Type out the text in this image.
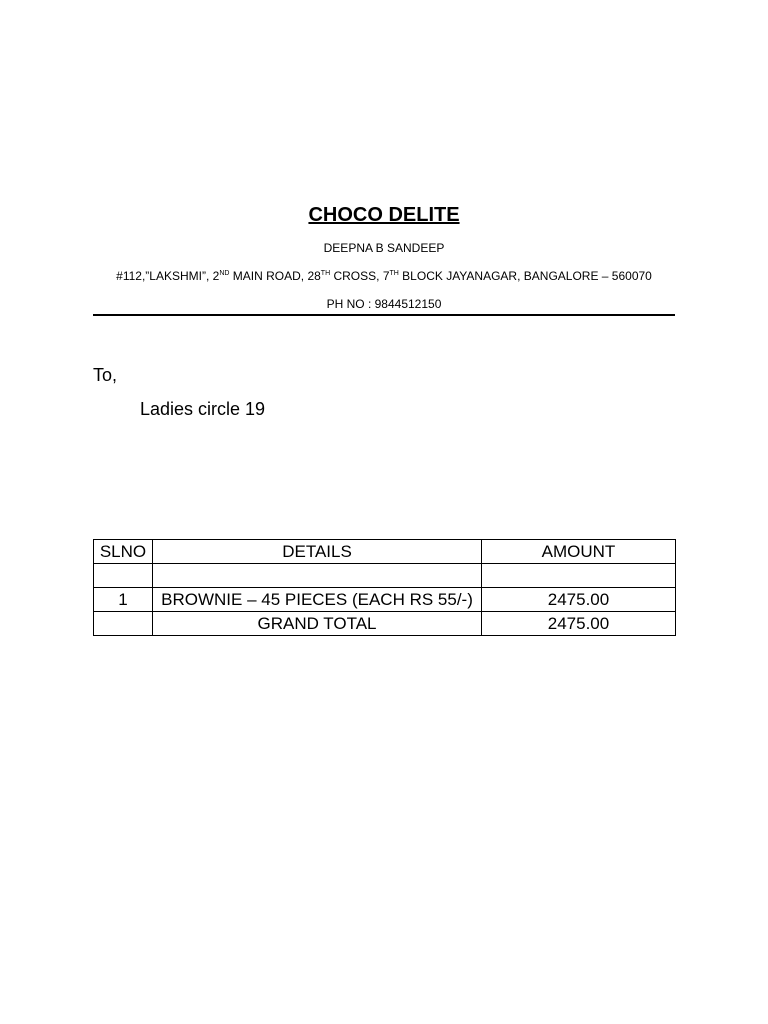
CHOCO DELITE
DEEPNA B SANDEEP
#112,”LAKSHMI”, 2ND MAIN ROAD, 28TH CROSS, 7TH BLOCK JAYANAGAR, BANGALORE – 560070
PH NO : 9844512150
To,
Ladies circle 19
SLNO	DETAILS	AMOUNT

1	BROWNIE – 45 PIECES (EACH RS 55/-)	2475.00
	GRAND TOTAL	2475.00
